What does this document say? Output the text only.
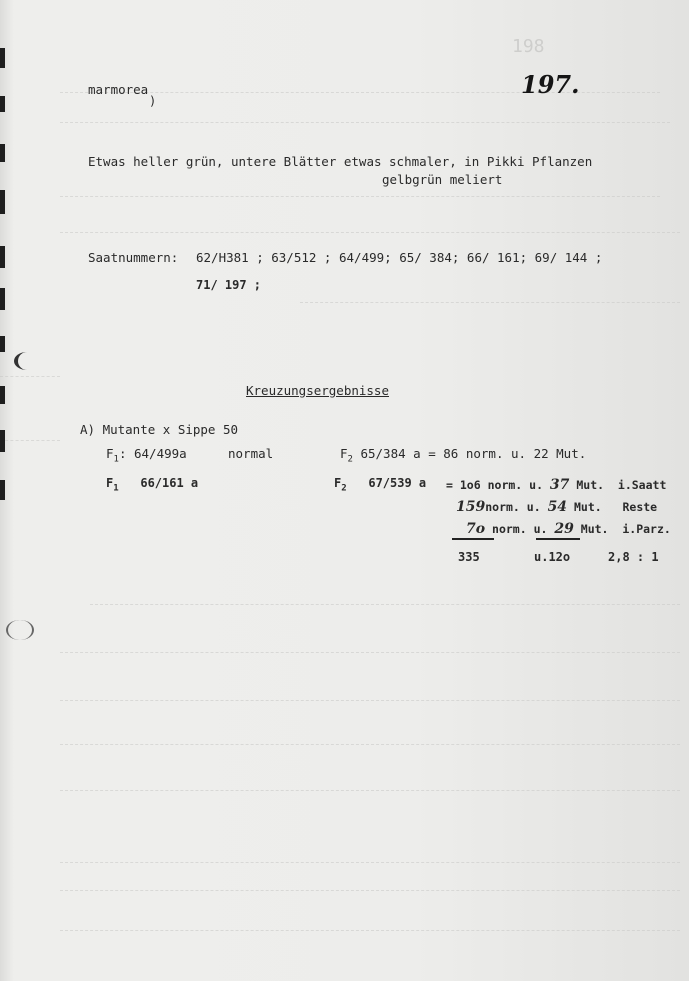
198
197.
marmorea
)
Etwas heller grün, untere Blätter etwas schmaler, in Pikki Pflanzen
gelbgrün meliert
Saatnummern: 62/H381 ; 63/512 ; 64/499; 65/ 384; 66/ 161; 69/ 144 ;
71/ 197 ;
Kreuzungsergebnisse
A) Mutante x Sippe 50
$F_1$: 64/499a	normal	$F_2$ 65/384 a = 86 norm. u. 22 Mut.
$F_1$ 66/161 a	$F_2$ 67/539 a = 1o6 norm. u. 37 Mut. i.Saatt
159norm. u. 54 Mut. Reste
7o norm. u. 29 Mut. i.Parz.
335	u.12o	2,8 : 1
